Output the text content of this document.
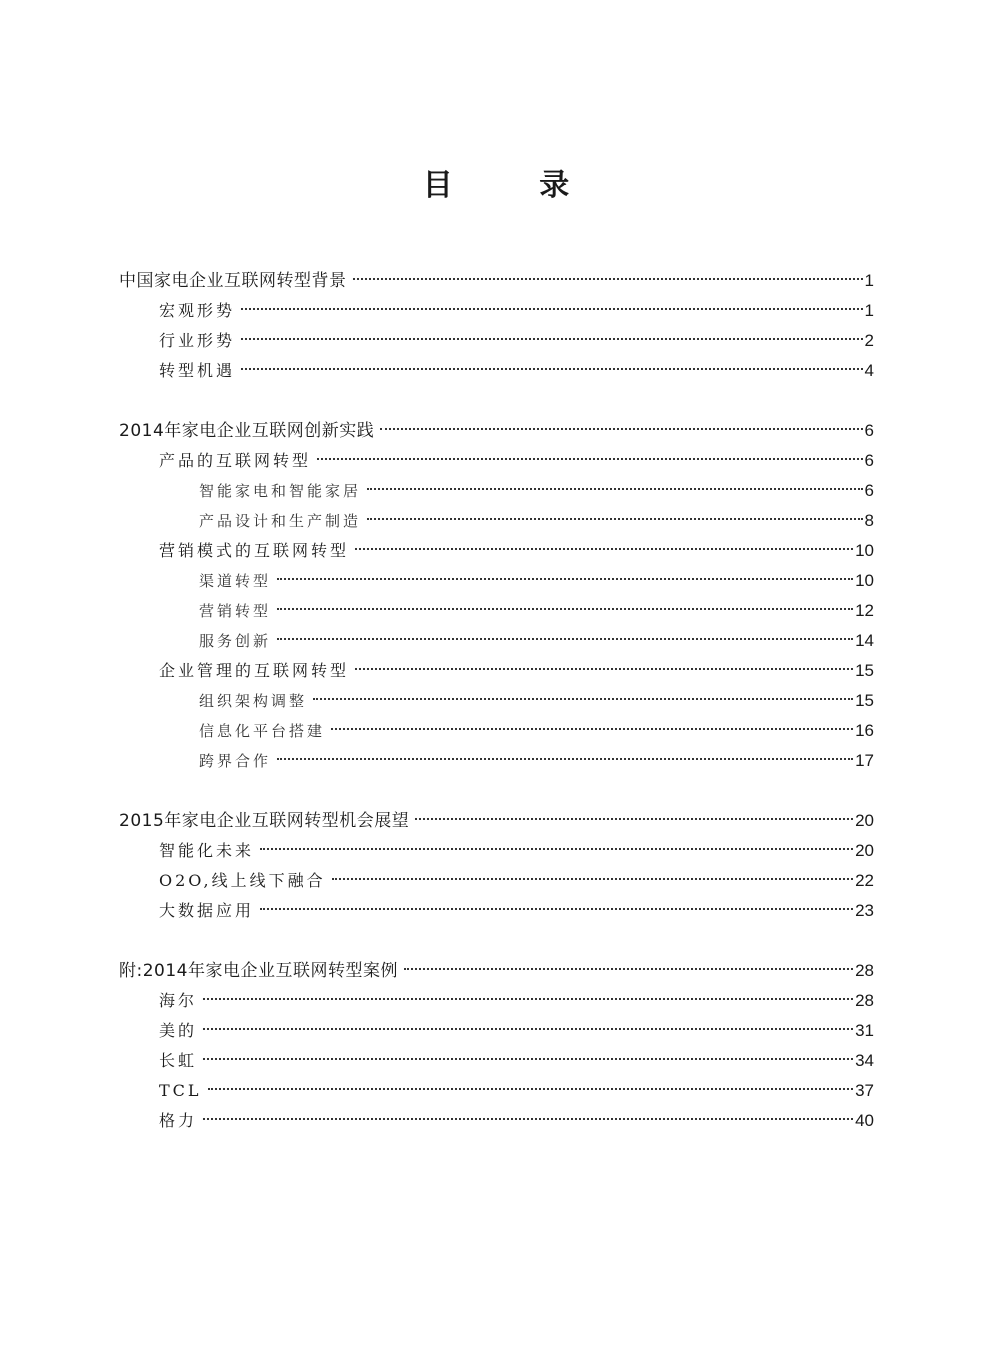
目 录
中国家电企业互联网转型背景	1
宏观形势	1
行业形势	2
转型机遇	4
2014年家电企业互联网创新实践	6
产品的互联网转型	6
智能家电和智能家居	6
产品设计和生产制造	8
营销模式的互联网转型	10
渠道转型	10
营销转型	12
服务创新	14
企业管理的互联网转型	15
组织架构调整	15
信息化平台搭建	16
跨界合作	17
2015年家电企业互联网转型机会展望	20
智能化未来	20
O2O,线上线下融合	22
大数据应用	23
附:2014年家电企业互联网转型案例	28
海尔	28
美的	31
长虹	34
TCL	37
格力	40
